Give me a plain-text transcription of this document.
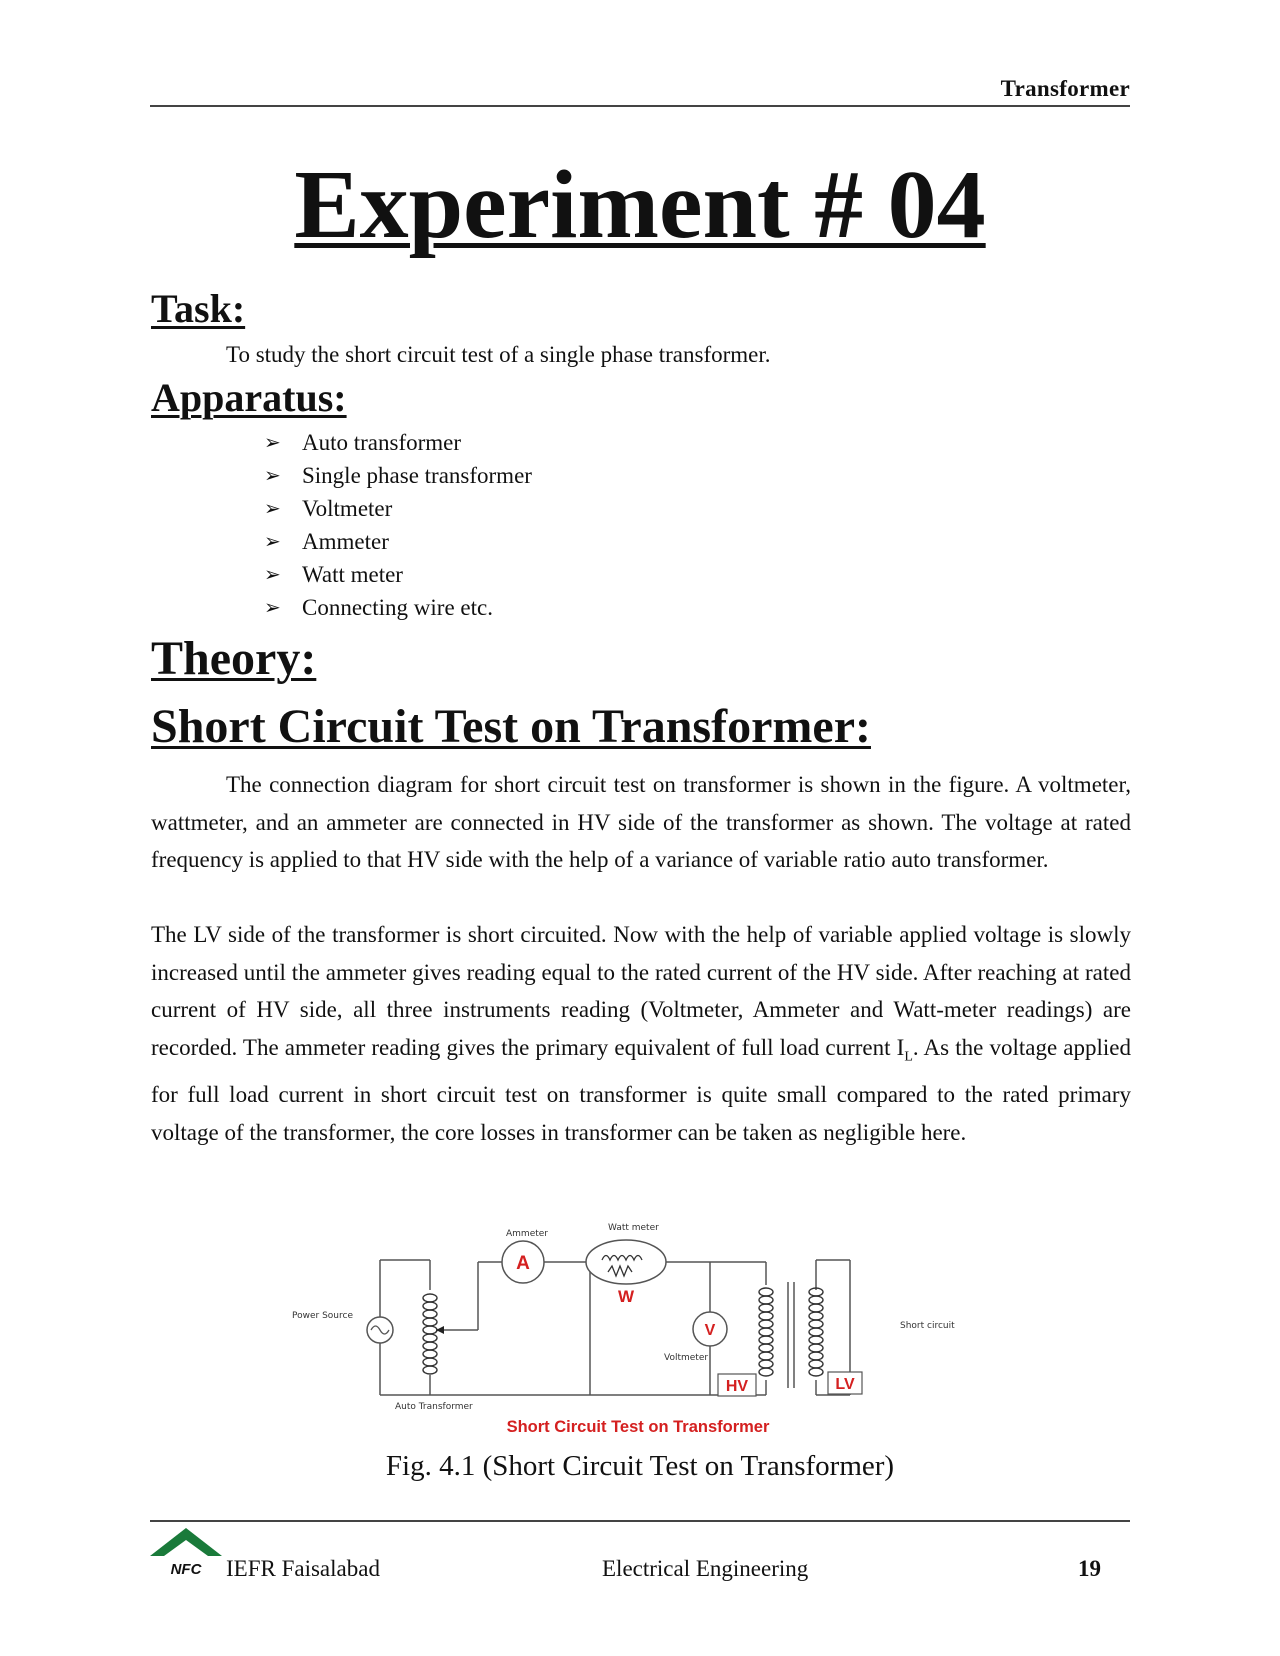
Transformer
Experiment # 04
Task:
To study the short circuit test of a single phase transformer.
Apparatus:
➢ Auto transformer
➢ Single phase transformer
➢ Voltmeter
➢ Ammeter
➢ Watt meter
➢ Connecting wire etc.
Theory:
Short Circuit Test on Transformer:

The connection diagram for short circuit test on transformer is shown in the figure. A voltmeter, wattmeter, and an ammeter are connected in HV side of the transformer as shown. The voltage at rated frequency is applied to that HV side with the help of a variance of variable ratio auto transformer.

The LV side of the transformer is short circuited. Now with the help of variable applied voltage is slowly increased until the ammeter gives reading equal to the rated current of the HV side. After reaching at rated current of HV side, all three instruments reading (Voltmeter, Ammeter and Watt-meter readings) are recorded. The ammeter reading gives the primary equivalent of full load current $I_L$. As the voltage applied for full load current in short circuit test on transformer is quite small compared to the rated primary voltage of the transformer, the core losses in transformer can be taken as negligible here.

A
W
V
HV	LV
Ammeter
Watt meter
Power Source
Voltmeter
Auto Transformer
Short circuit
Short Circuit Test on Transformer
Fig. 4.1 (Short Circuit Test on Transformer)
NFC IEFR Faisalabad	Electrical Engineering	19
